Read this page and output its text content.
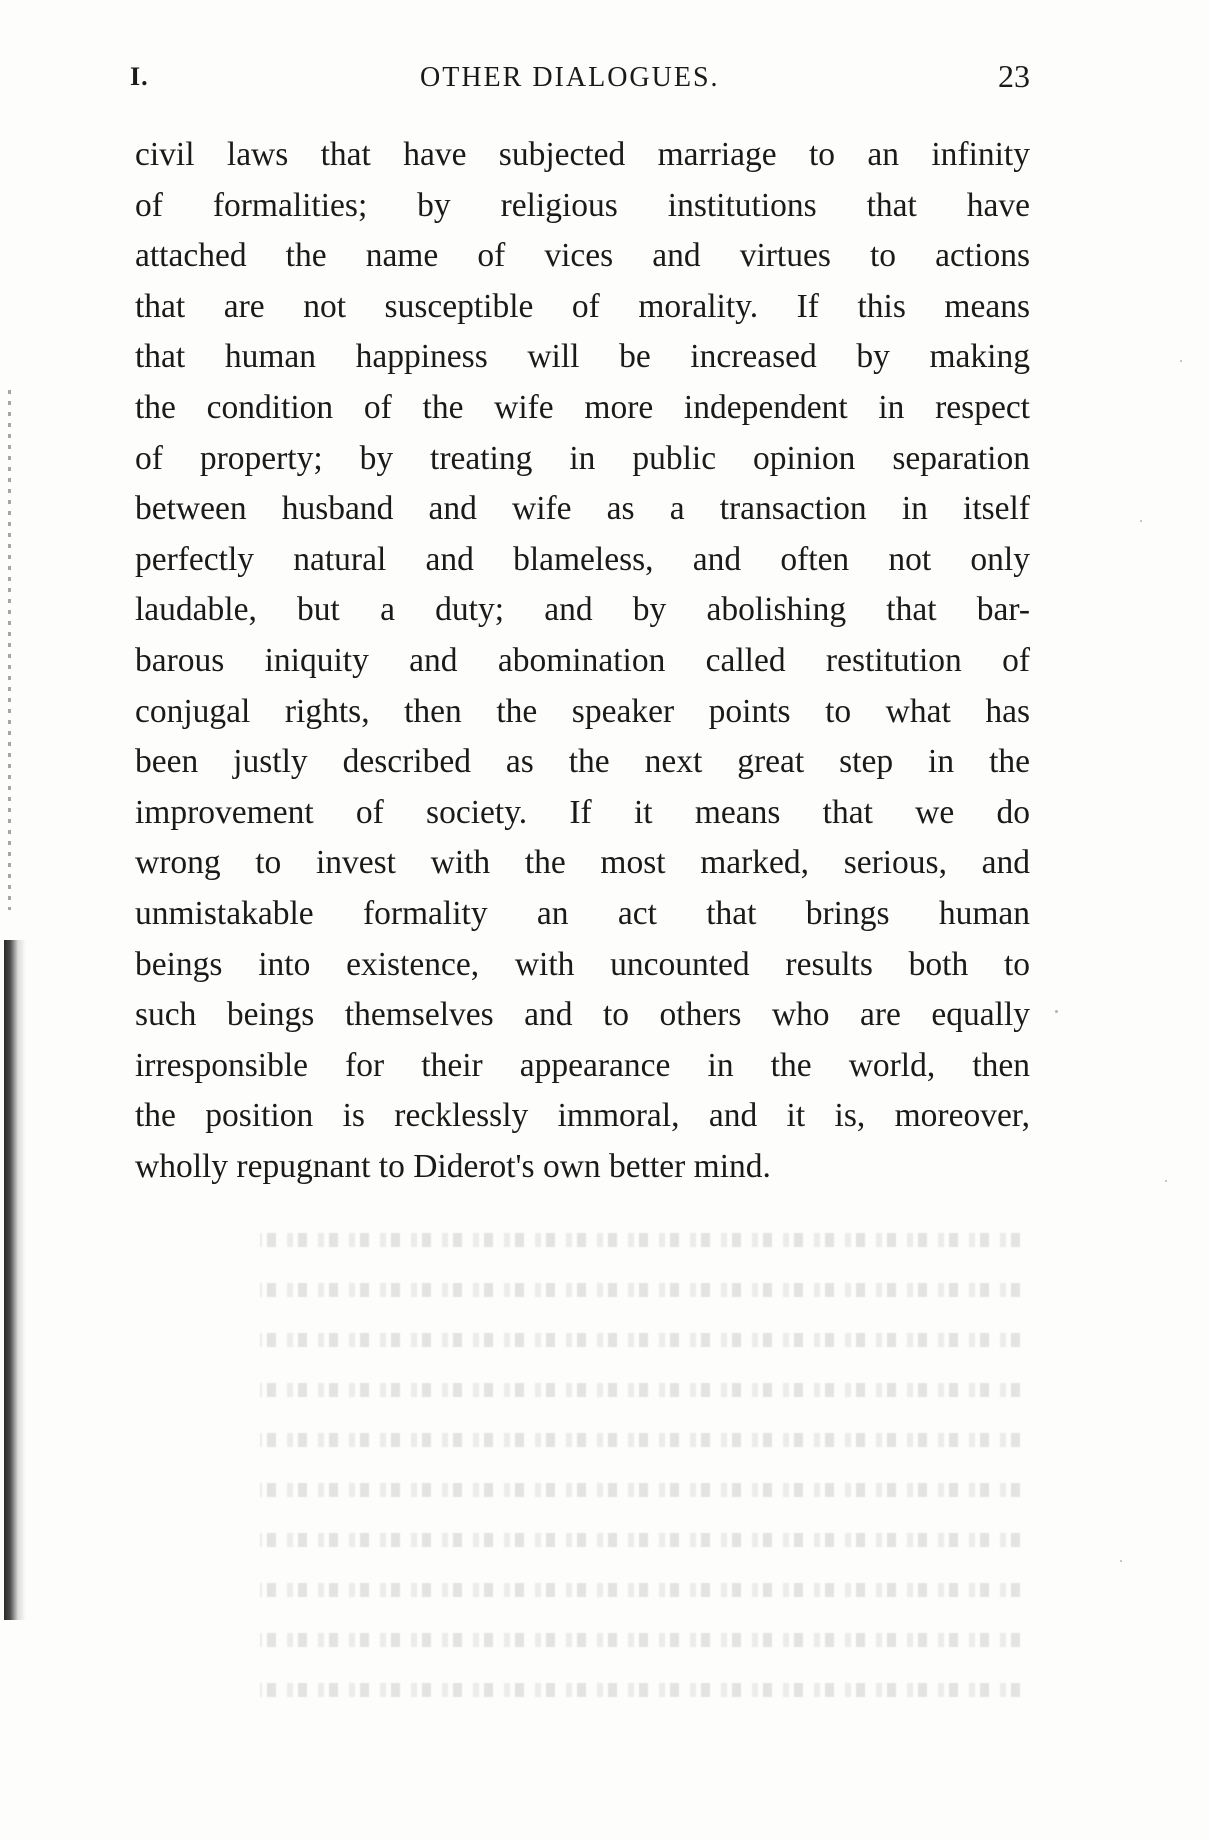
I.	OTHER DIALOGUES.	23
civil laws that have subjected marriage to an infinity
of formalities; by religious institutions that have
attached the name of vices and virtues to actions
that are not susceptible of morality. If this means
that human happiness will be increased by making
the condition of the wife more independent in respect
of property; by treating in public opinion separation
between husband and wife as a transaction in itself
perfectly natural and blameless, and often not only
laudable, but a duty; and by abolishing that bar-
barous iniquity and abomination called restitution of
conjugal rights, then the speaker points to what has
been justly described as the next great step in the
improvement of society. If it means that we do
wrong to invest with the most marked, serious, and
unmistakable formality an act that brings human
beings into existence, with uncounted results both to
such beings themselves and to others who are equally
irresponsible for their appearance in the world, then
the position is recklessly immoral, and it is, moreover,
wholly repugnant to Diderot's own better mind.
